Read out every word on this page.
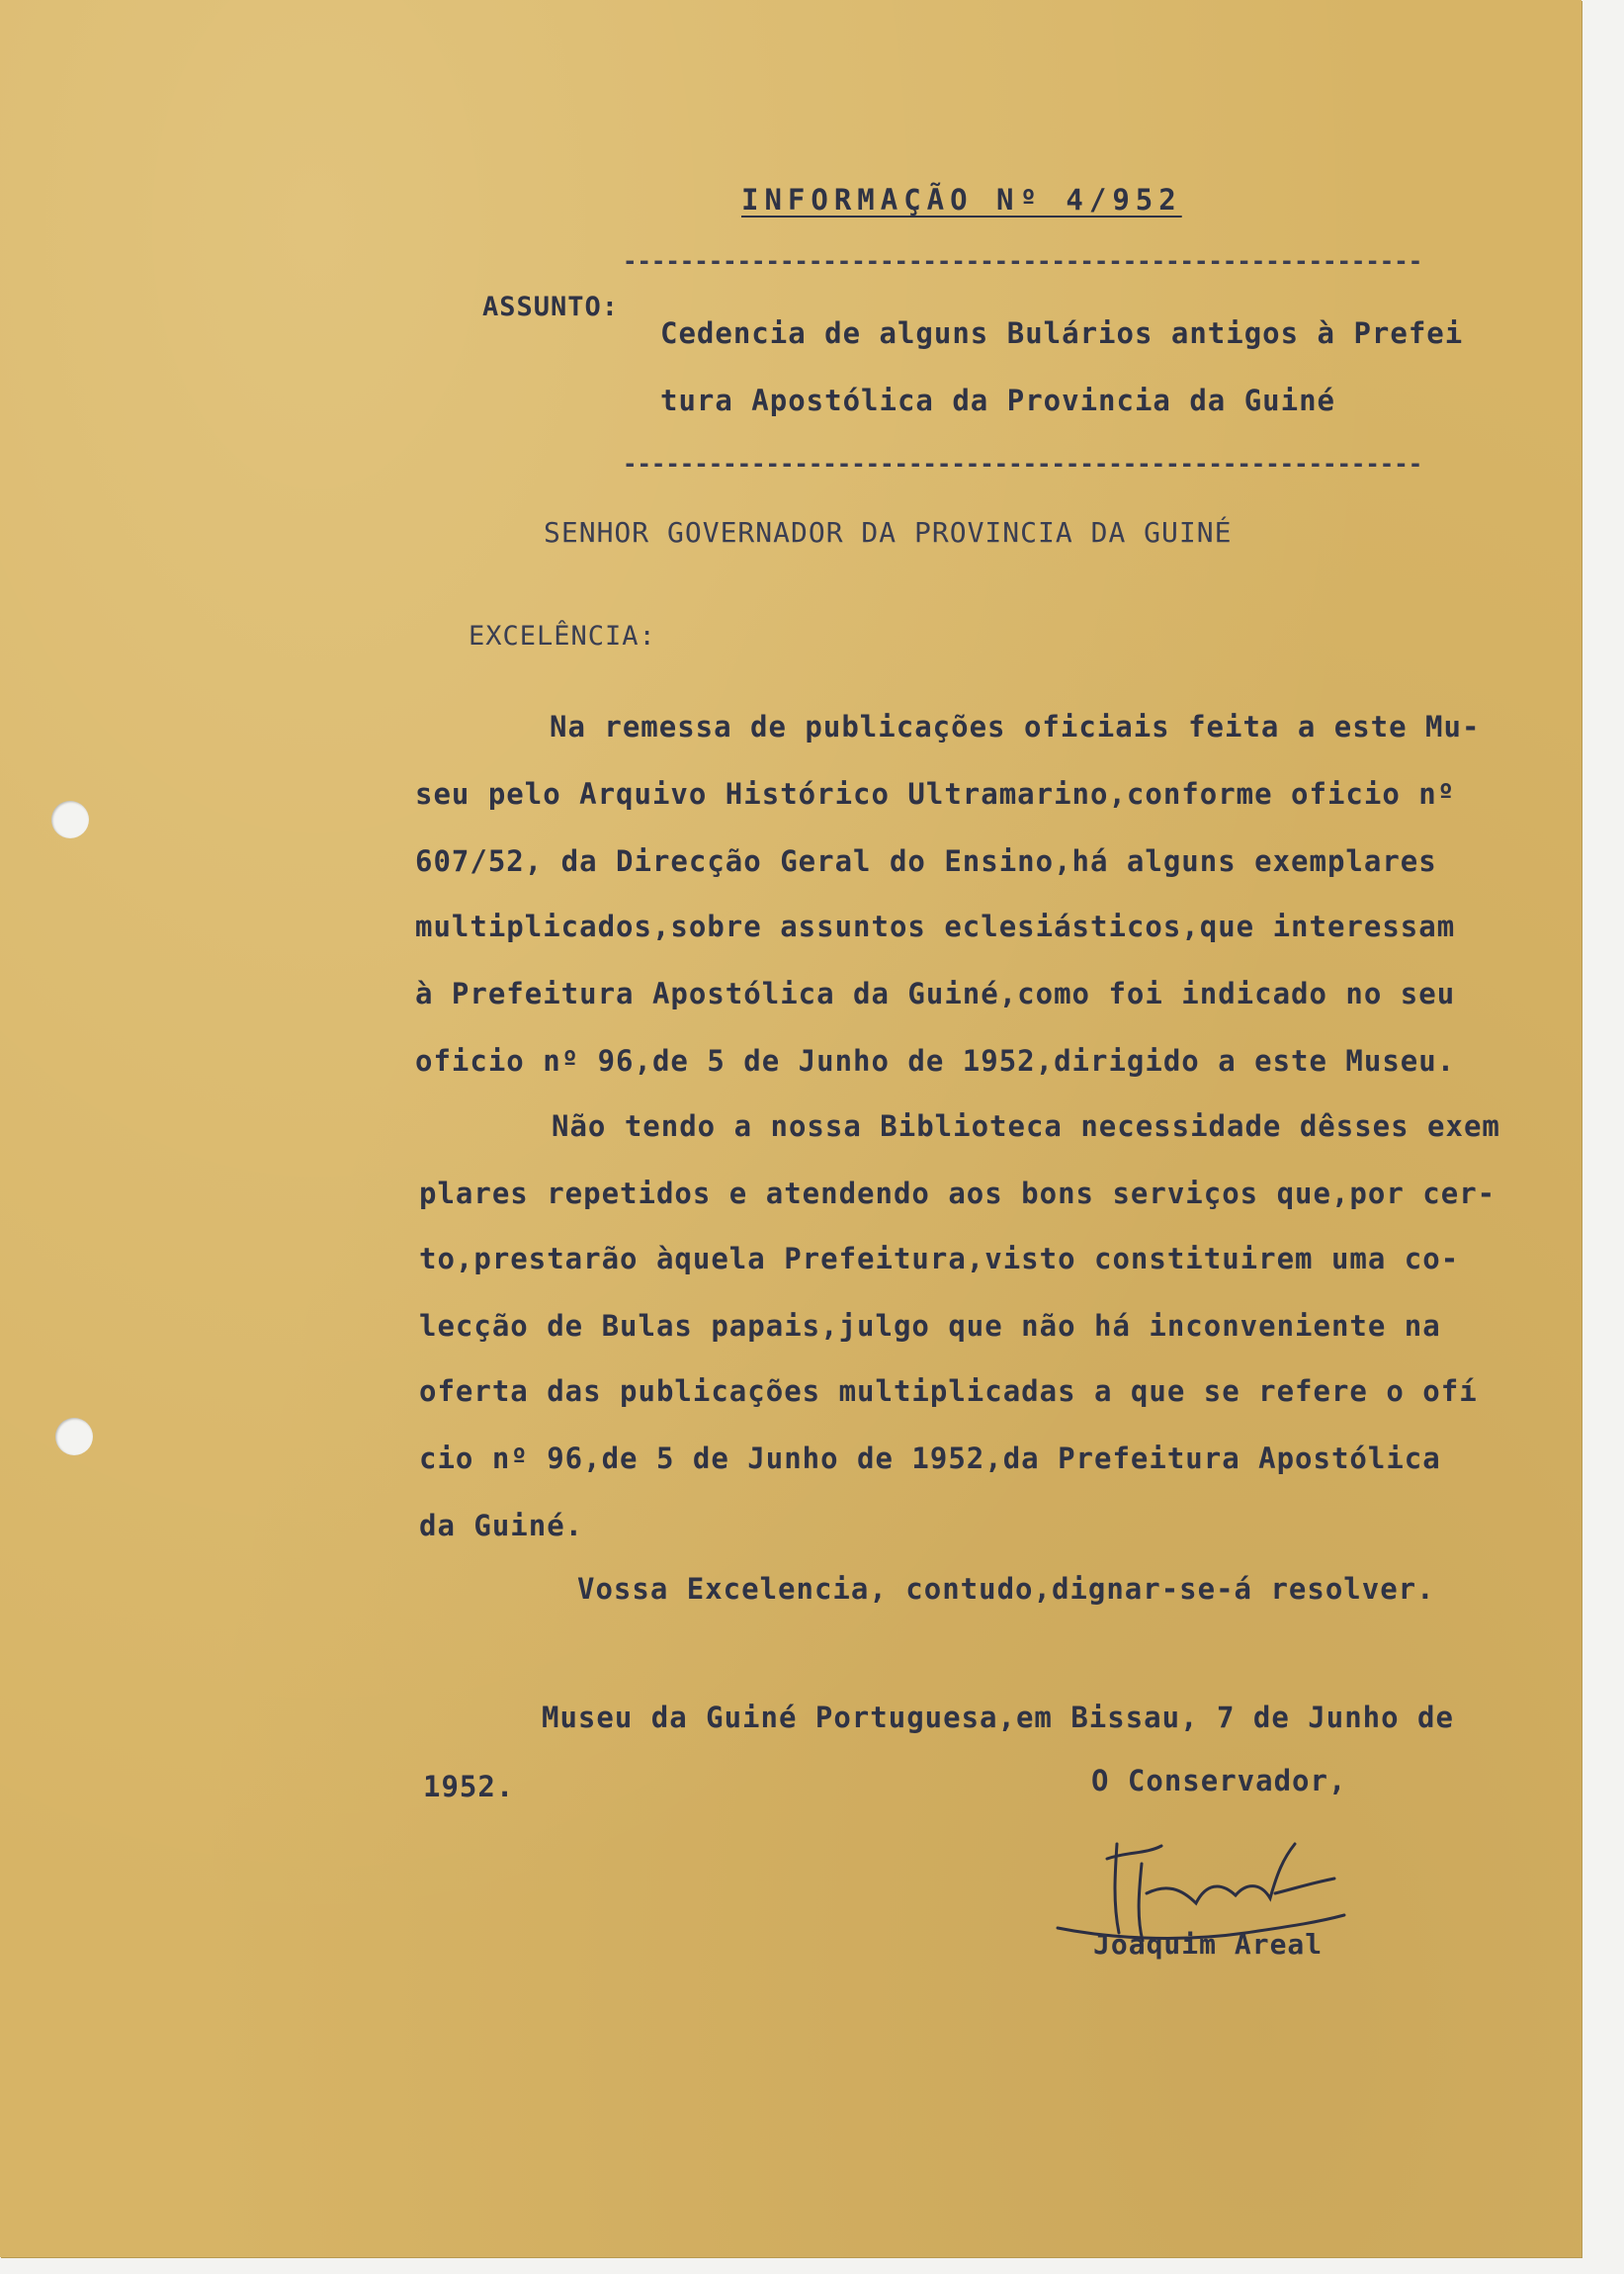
INFORMAÇÃO Nº 4/952
--------------------------------------------------------
ASSUNTO:
Cedencia de alguns Bulários antigos à Prefei
tura Apostólica da Provincia da Guiné
--------------------------------------------------------
SENHOR GOVERNADOR DA PROVINCIA DA GUINÉ
EXCELÊNCIA:
Na remessa de publicações oficiais feita a este Mu-
seu pelo Arquivo Histórico Ultramarino,conforme oficio nº
607/52, da Direcção Geral do Ensino,há alguns exemplares
multiplicados,sobre assuntos eclesiásticos,que interessam
à Prefeitura Apostólica da Guiné,como foi indicado no seu
oficio nº 96,de 5 de Junho de 1952,dirigido a este Museu.
Não tendo a nossa Biblioteca necessidade dêsses exem
plares repetidos e atendendo aos bons serviços que,por cer-
to,prestarão àquela Prefeitura,visto constituirem uma co-
lecção de Bulas papais,julgo que não há inconveniente na
oferta das publicações multiplicadas a que se refere o ofí
cio nº 96,de 5 de Junho de 1952,da Prefeitura Apostólica
da Guiné.
Vossa Excelencia, contudo,dignar-se-á resolver.
Museu da Guiné Portuguesa,em Bissau, 7 de Junho de
1952.	O Conservador,
Joaquim Areal
